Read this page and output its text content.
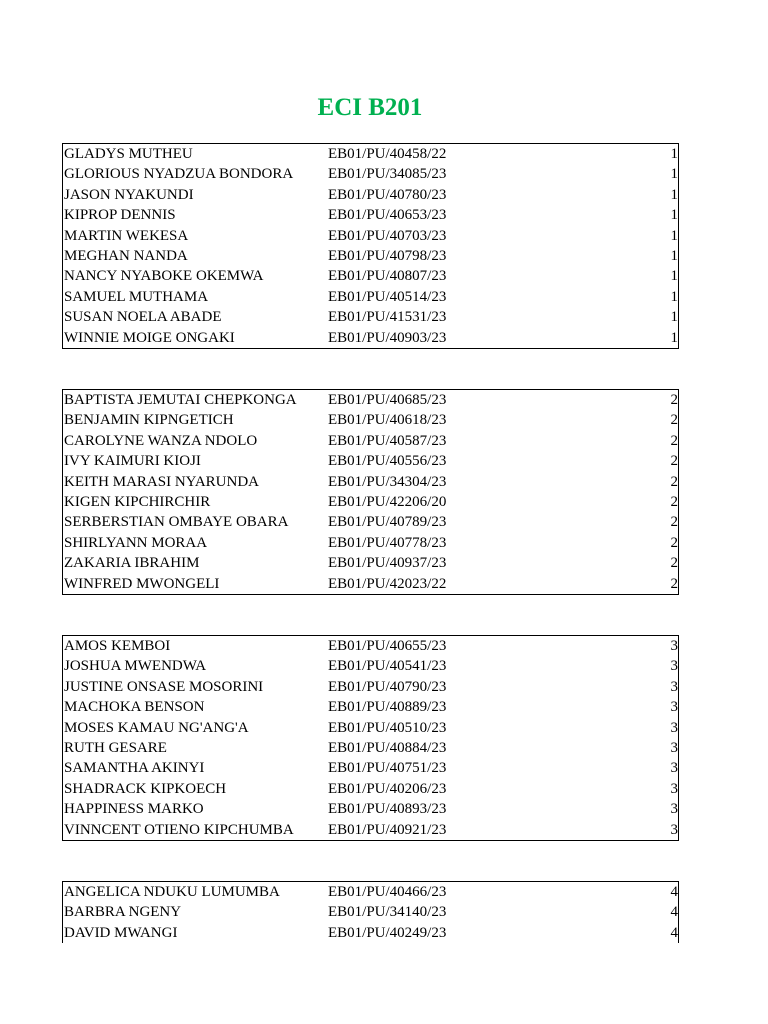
ECI B201
GLADYS MUTHEU	EB01/PU/40458/22	1
GLORIOUS NYADZUA BONDORA EB01/PU/34085/23	1
JASON NYAKUNDI	EB01/PU/40780/23	1
KIPROP DENNIS	EB01/PU/40653/23	1
MARTIN WEKESA	EB01/PU/40703/23	1
MEGHAN NANDA	EB01/PU/40798/23	1
NANCY NYABOKE OKEMWA	EB01/PU/40807/23	1
SAMUEL MUTHAMA	EB01/PU/40514/23	1
SUSAN NOELA ABADE	EB01/PU/41531/23	1
WINNIE MOIGE ONGAKI	EB01/PU/40903/23	1
BAPTISTA JEMUTAI CHEPKONGA EB01/PU/40685/23	2
BENJAMIN KIPNGETICH	EB01/PU/40618/23	2
CAROLYNE WANZA NDOLO	EB01/PU/40587/23	2
IVY KAIMURI KIOJI	EB01/PU/40556/23	2
KEITH MARASI NYARUNDA	EB01/PU/34304/23	2
KIGEN KIPCHIRCHIR	EB01/PU/42206/20	2
SERBERSTIAN OMBAYE OBARA	EB01/PU/40789/23	2
SHIRLYANN MORAA	EB01/PU/40778/23	2
ZAKARIA IBRAHIM	EB01/PU/40937/23	2
WINFRED MWONGELI	EB01/PU/42023/22	2
AMOS KEMBOI	EB01/PU/40655/23	3
JOSHUA MWENDWA	EB01/PU/40541/23	3
JUSTINE ONSASE MOSORINI	EB01/PU/40790/23	3
MACHOKA BENSON	EB01/PU/40889/23	3
MOSES KAMAU NG'ANG'A	EB01/PU/40510/23	3
RUTH GESARE	EB01/PU/40884/23	3
SAMANTHA AKINYI	EB01/PU/40751/23	3
SHADRACK KIPKOECH	EB01/PU/40206/23	3
HAPPINESS MARKO	EB01/PU/40893/23	3
VINNCENT OTIENO KIPCHUMBA EB01/PU/40921/23	3
ANGELICA NDUKU LUMUMBA	EB01/PU/40466/23	4
BARBRA NGENY	EB01/PU/34140/23	4
DAVID MWANGI	EB01/PU/40249/23	4
